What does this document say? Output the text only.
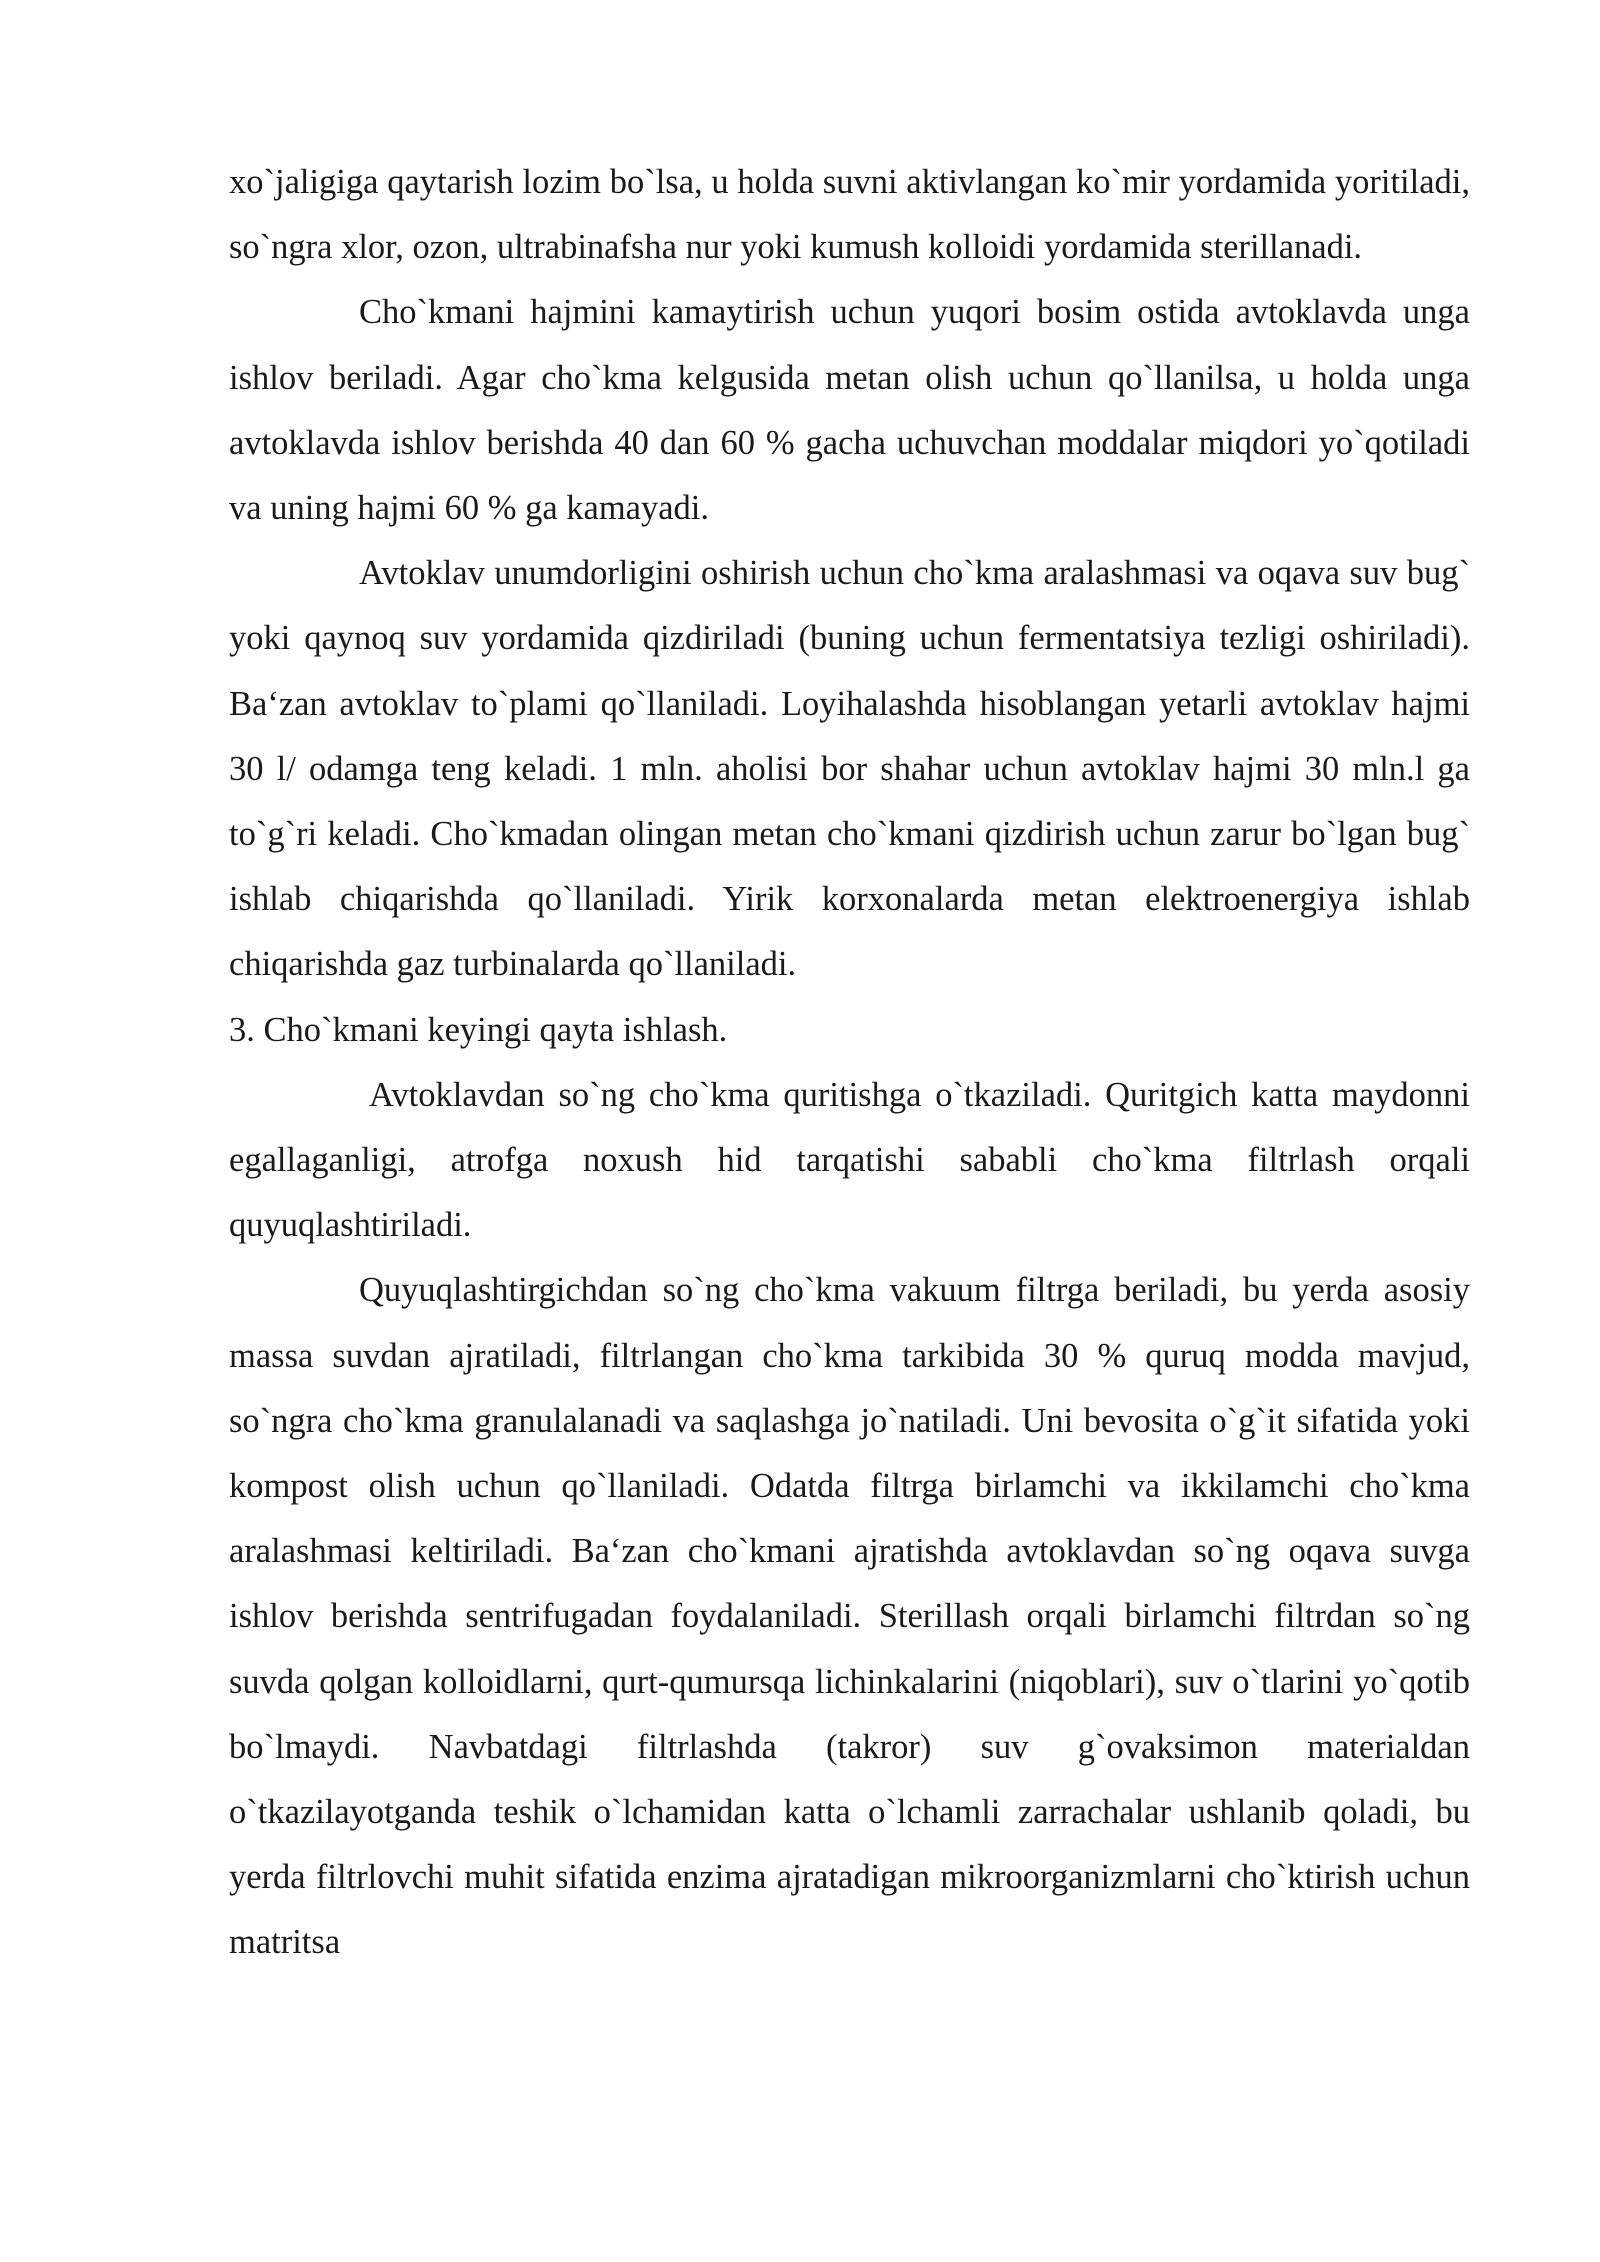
xo`jaligiga qaytarish lozim bo`lsa, u holda suvni aktivlangan ko`mir yordamida yoritiladi, so`ngra xlor, ozon, ultrabinafsha nur yoki kumush kolloidi yordamida sterillanadi.

Cho`kmani hajmini kamaytirish uchun yuqori bosim ostida avtoklavda unga ishlov beriladi. Agar cho`kma kelgusida metan olish uchun qo`llanilsa, u holda unga avtoklavda ishlov berishda 40 dan 60 % gacha uchuvchan moddalar miqdori yo`qotiladi va uning hajmi 60 % ga kamayadi.

Avtoklav unumdorligini oshirish uchun cho`kma aralashmasi va oqava suv bug` yoki qaynoq suv yordamida qizdiriladi (buning uchun fermentatsiya tezligi oshiriladi). Ba‘zan avtoklav to`plami qo`llaniladi. Loyihalashda hisoblangan yetarli avtoklav hajmi 30 l/ odamga teng keladi. 1 mln. aholisi bor shahar uchun avtoklav hajmi 30 mln.l ga to`g`ri keladi. Cho`kmadan olingan metan cho`kmani qizdirish uchun zarur bo`lgan bug` ishlab chiqarishda qo`llaniladi. Yirik korxonalarda metan elektroenergiya ishlab chiqarishda gaz turbinalarda qo`llaniladi.

3. Cho`kmani keyingi qayta ishlash.

Avtoklavdan so`ng cho`kma quritishga o`tkaziladi. Quritgich katta maydonni egallaganligi, atrofga noxush hid tarqatishi sababli cho`kma filtrlash orqali quyuqlashtiriladi.

Quyuqlashtirgichdan so`ng cho`kma vakuum filtrga beriladi, bu yerda asosiy massa suvdan ajratiladi, filtrlangan cho`kma tarkibida 30 % quruq modda mavjud, so`ngra cho`kma granulalanadi va saqlashga jo`natiladi. Uni bevosita o`g`it sifatida yoki kompost olish uchun qo`llaniladi. Odatda filtrga birlamchi va ikkilamchi cho`kma aralashmasi keltiriladi. Ba‘zan cho`kmani ajratishda avtoklavdan so`ng oqava suvga ishlov berishda sentrifugadan foydalaniladi. Sterillash orqali birlamchi filtrdan so`ng suvda qolgan kolloidlarni, qurt-qumursqa lichinkalarini (niqoblari), suv o`tlarini yo`qotib bo`lmaydi. Navbatdagi filtrlashda (takror) suv g`ovaksimon materialdan o`tkazilayotganda teshik o`lchamidan katta o`lchamli zarrachalar ushlanib qoladi, bu yerda filtrlovchi muhit sifatida enzima ajratadigan mikroorganizmlarni cho`ktirish uchun matritsa
